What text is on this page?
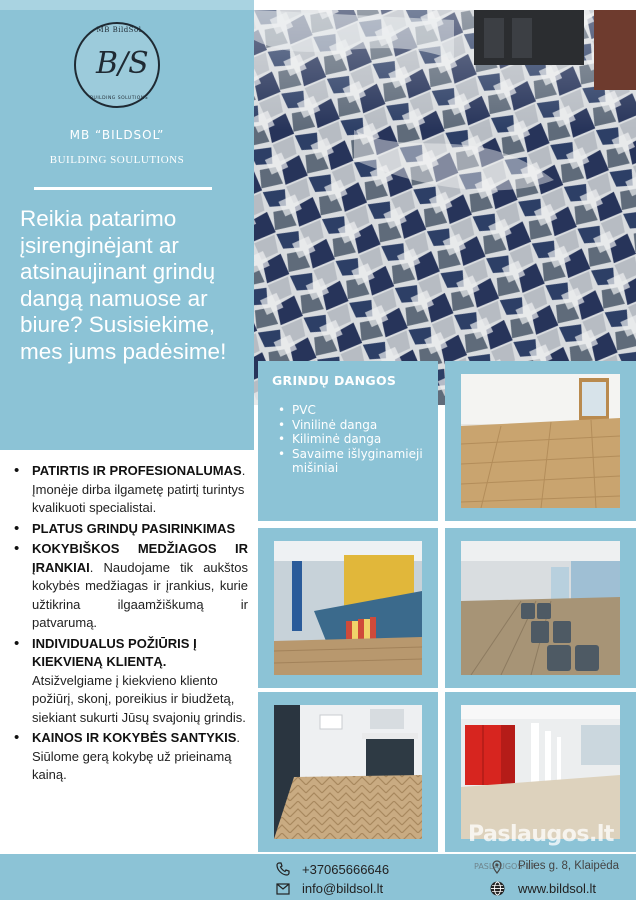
MB BildSol
B/S
BUILDING SOLUTIONS
MB “BILDSOL”
BUILDING SOULUTIONS
Reikia patarimo įsirenginėjant ar atsinaujinant grindų dangą namuose ar biure? Susisiekime, mes jums padėsime!
GRINDŲ DANGOS
• PVC
• Vinilinė danga
• Kiliminė danga
• Savaime išlyginamieji mišiniai
• PATIRTIS IR PROFESIONALUMAS. Įmonėje dirba ilgametę patirtį turintys kvalikuoti specialistai.
• PLATUS GRINDŲ PASIRINKIMAS
• KOKYBIŠKOS MEDŽIAGOS IR ĮRANKIAI. Naudojame tik aukštos kokybės medžiagas ir įrankius, kurie užtikrina ilgaamžiškumą ir patvarumą.
• INDIVIDUALUS POŽIŪRIS Į KIEKVIENĄ KLIENTĄ. Atsižvelgiame į kiekvieno kliento požiūrį, skonį, poreikius ir biudžetą, siekiant sukurti Jūsų svajonių grindis.
• KAINOS IR KOKYBĖS SANTYKIS. Siūlome gerą kokybę už prieinamą kainą.
Paslaugos.lt
+37065666646
info@bildsol.lt
Pilies g. 8, Klaipėda
www.bildsol.lt
PASLAUGOS-17
